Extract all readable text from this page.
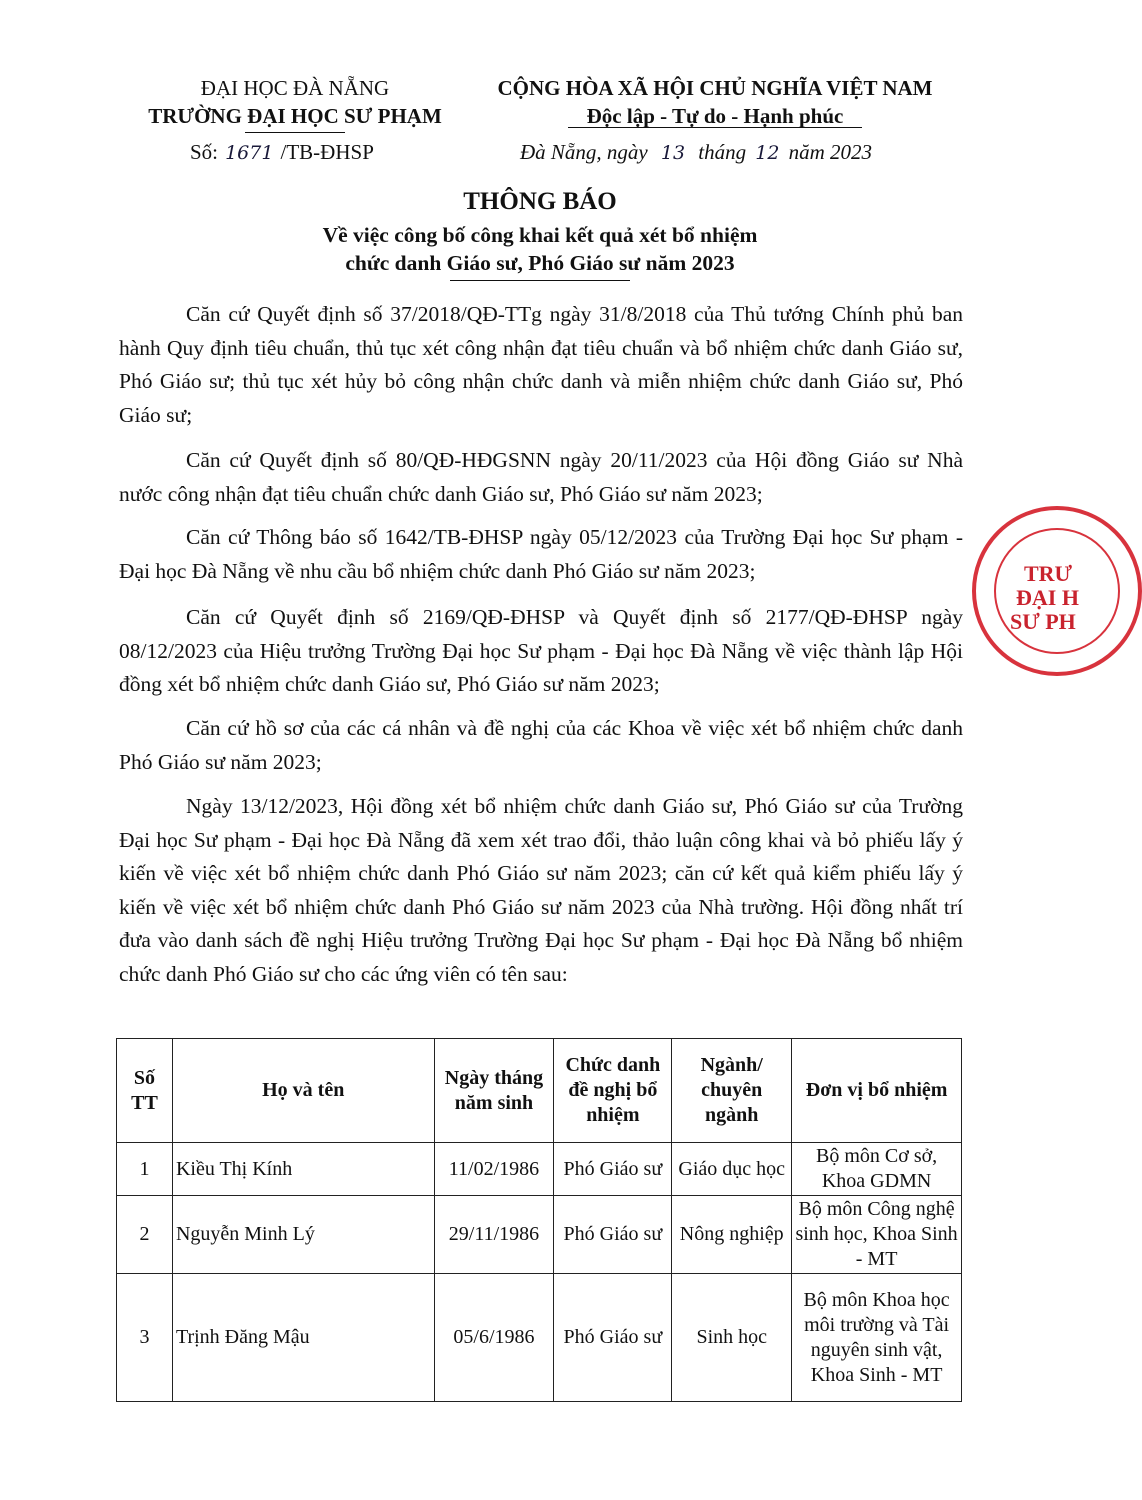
ĐẠI HỌC ĐÀ NẴNG
TRƯỜNG ĐẠI HỌC SƯ PHẠM
Số: 1671 /TB-ĐHSP
CỘNG HÒA XÃ HỘI CHỦ NGHĨA VIỆT NAM
Độc lập - Tự do - Hạnh phúc
Đà Nẵng, ngày 13 tháng 12 năm 2023
THÔNG BÁO
Về việc công bố công khai kết quả xét bổ nhiệm
chức danh Giáo sư, Phó Giáo sư năm 2023
Căn cứ Quyết định số 37/2018/QĐ-TTg ngày 31/8/2018 của Thủ tướng Chính phủ ban hành Quy định tiêu chuẩn, thủ tục xét công nhận đạt tiêu chuẩn và bổ nhiệm chức danh Giáo sư, Phó Giáo sư; thủ tục xét hủy bỏ công nhận chức danh và miễn nhiệm chức danh Giáo sư, Phó Giáo sư;
Căn cứ Quyết định số 80/QĐ-HĐGSNN ngày 20/11/2023 của Hội đồng Giáo sư Nhà nước công nhận đạt tiêu chuẩn chức danh Giáo sư, Phó Giáo sư năm 2023;
Căn cứ Thông báo số 1642/TB-ĐHSP ngày 05/12/2023 của Trường Đại học Sư phạm - Đại học Đà Nẵng về nhu cầu bổ nhiệm chức danh Phó Giáo sư năm 2023;
Căn cứ Quyết định số 2169/QĐ-ĐHSP và Quyết định số 2177/QĐ-ĐHSP ngày 08/12/2023 của Hiệu trưởng Trường Đại học Sư phạm - Đại học Đà Nẵng về việc thành lập Hội đồng xét bổ nhiệm chức danh Giáo sư, Phó Giáo sư năm 2023;
Căn cứ hồ sơ của các cá nhân và đề nghị của các Khoa về việc xét bổ nhiệm chức danh Phó Giáo sư năm 2023;
Ngày 13/12/2023, Hội đồng xét bổ nhiệm chức danh Giáo sư, Phó Giáo sư của Trường Đại học Sư phạm - Đại học Đà Nẵng đã xem xét trao đổi, thảo luận công khai và bỏ phiếu lấy ý kiến về việc xét bổ nhiệm chức danh Phó Giáo sư năm 2023; căn cứ kết quả kiểm phiếu lấy ý kiến về việc xét bổ nhiệm chức danh Phó Giáo sư năm 2023 của Nhà trường. Hội đồng nhất trí đưa vào danh sách đề nghị Hiệu trưởng Trường Đại học Sư phạm - Đại học Đà Nẵng bổ nhiệm chức danh Phó Giáo sư cho các ứng viên có tên sau:
Số TT	Họ và tên	Ngày tháng năm sinh	Chức danh đề nghị bổ nhiệm	Ngành/ chuyên ngành	Đơn vị bổ nhiệm
1	Kiều Thị Kính	11/02/1986	Phó Giáo sư	Giáo dục học	Bộ môn Cơ sở, Khoa GDMN
2	Nguyễn Minh Lý	29/11/1986	Phó Giáo sư	Nông nghiệp	Bộ môn Công nghệ sinh học, Khoa Sinh - MT
3	Trịnh Đăng Mậu	05/6/1986	Phó Giáo sư	Sinh học	Bộ môn Khoa học môi trường và Tài nguyên sinh vật, Khoa Sinh - MT
TRƯ
ĐẠI H
SƯ PH
